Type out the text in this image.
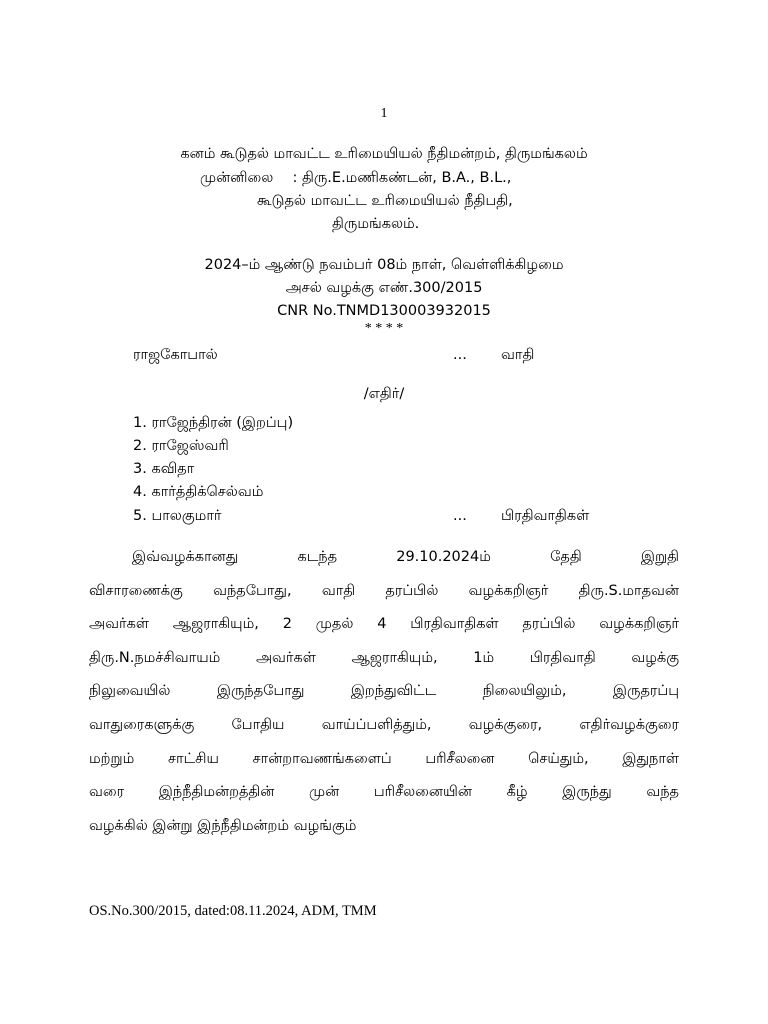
1
கனம் கூடுதல் மாவட்ட உரிமையியல் நீதிமன்றம், திருமங்கலம்
முன்னிலை : திரு.E.மணிகண்டன், B.A., B.L.,
கூடுதல் மாவட்ட உரிமையியல் நீதிபதி,
திருமங்கலம்.
2024–ம் ஆண்டு நவம்பர் 08ம் நாள், வெள்ளிக்கிழமை
அசல் வழக்கு எண்.300/2015
CNR No.TNMD130003932015
* * * *
ராஜகோபால்	... வாதி
/எதிர்/
1. ராஜேந்திரன் (இறப்பு)
2. ராஜேஸ்வரி
3. கவிதா
4. கார்த்திக்செல்வம்
5. பாலகுமார்	... பிரதிவாதிகள்
இவ்வழக்கானது கடந்த 29.10.2024ம் தேதி இறுதி
விசாரணைக்கு வந்தபோது, வாதி தரப்பில் வழக்கறிஞர் திரு.S.மாதவன்
அவர்கள் ஆஜராகியும், 2 முதல் 4 பிரதிவாதிகள் தரப்பில் வழக்கறிஞர்
திரு.N.நமச்சிவாயம் அவர்கள் ஆஜராகியும், 1ம் பிரதிவாதி வழக்கு
நிலுவையில் இருந்தபோது இறந்துவிட்ட நிலையிலும், இருதரப்பு
வாதுரைகளுக்கு போதிய வாய்ப்பளித்தும், வழக்குரை, எதிர்வழக்குரை
மற்றும் சாட்சிய சான்றாவணங்களைப் பரிசீலனை செய்தும், இதுநாள்
வரை இந்நீதிமன்றத்தின் முன் பரிசீலனையின் கீழ் இருந்து வந்த
வழக்கில் இன்று இந்நீதிமன்றம் வழங்கும்
OS.No.300/2015, dated:08.11.2024, ADM, TMM
